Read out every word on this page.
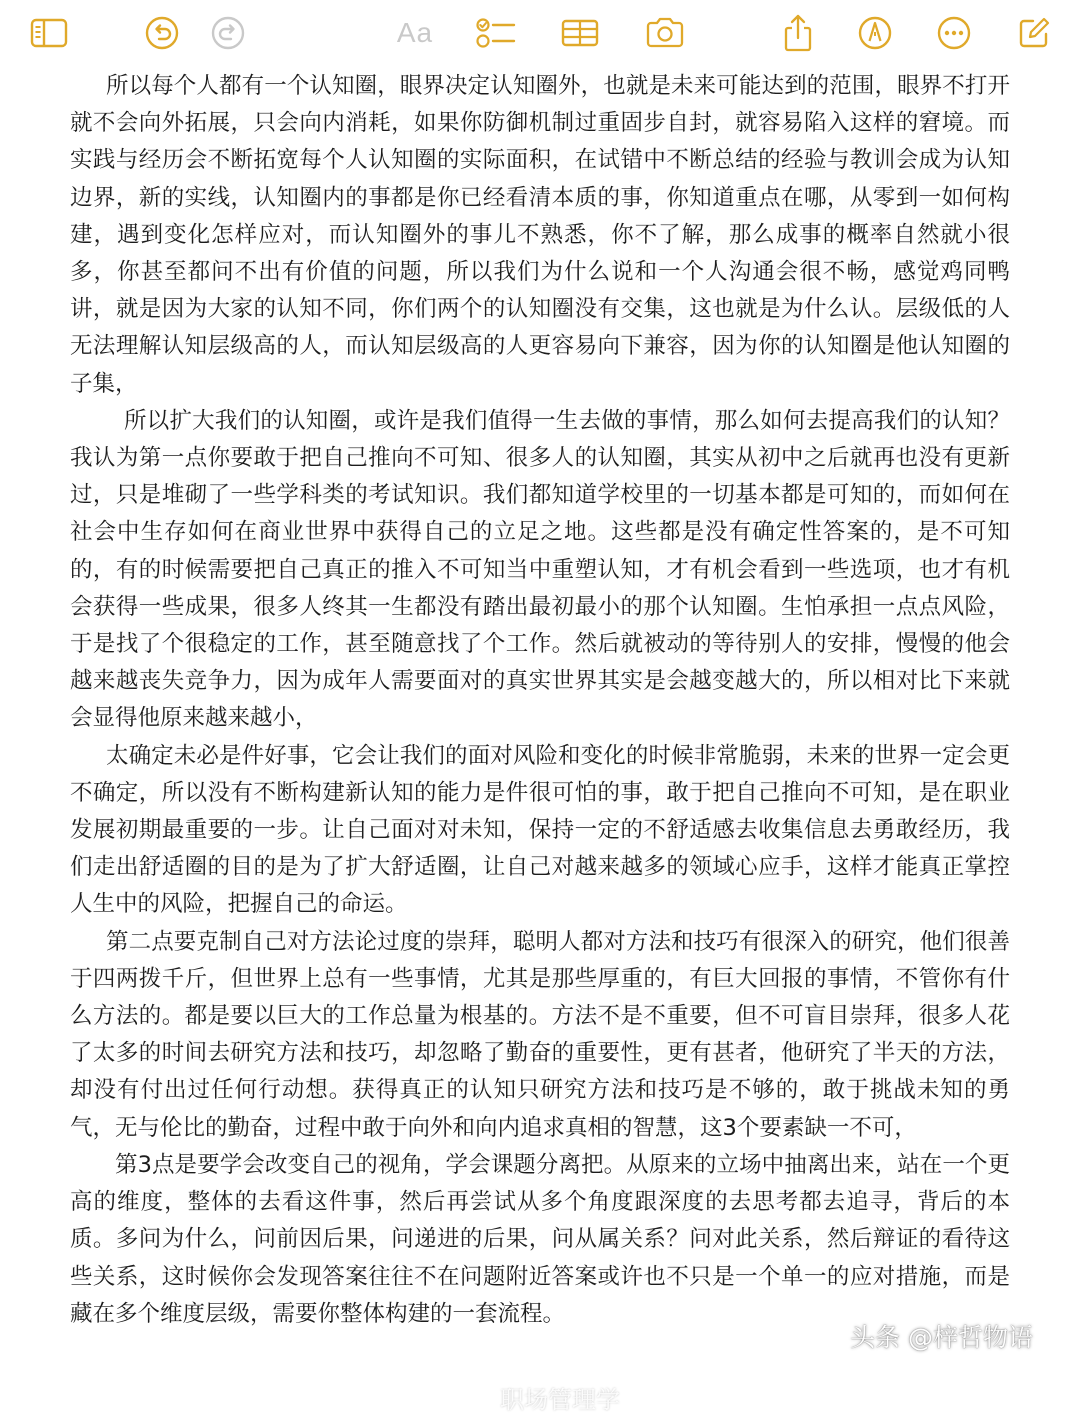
Aa

所以每个人都有一个认知圈，眼界决定认知圈外，也就是未来可能达到的范围，眼界不打开就不会向外拓展，只会向内消耗，如果你防御机制过重固步自封，就容易陷入这样的窘境。而实践与经历会不断拓宽每个人认知圈的实际面积，在试错中不断总结的经验与教训会成为认知边界，新的实线，认知圈内的事都是你已经看清本质的事，你知道重点在哪，从零到一如何构建，遇到变化怎样应对，而认知圈外的事儿不熟悉，你不了解，那么成事的概率自然就小很多，你甚至都问不出有价值的问题，所以我们为什么说和一个人沟通会很不畅，感觉鸡同鸭讲，就是因为大家的认知不同，你们两个的认知圈没有交集，这也就是为什么认。层级低的人无法理解认知层级高的人，而认知层级高的人更容易向下兼容，因为你的认知圈是他认知圈的子集，

所以扩大我们的认知圈，或许是我们值得一生去做的事情，那么如何去提高我们的认知？我认为第一点你要敢于把自己推向不可知、很多人的认知圈，其实从初中之后就再也没有更新过，只是堆砌了一些学科类的考试知识。我们都知道学校里的一切基本都是可知的，而如何在社会中生存如何在商业世界中获得自己的立足之地。这些都是没有确定性答案的，是不可知的，有的时候需要把自己真正的推入不可知当中重塑认知，才有机会看到一些选项，也才有机会获得一些成果，很多人终其一生都没有踏出最初最小的那个认知圈。生怕承担一点点风险，于是找了个很稳定的工作，甚至随意找了个工作。然后就被动的等待别人的安排，慢慢的他会越来越丧失竞争力，因为成年人需要面对的真实世界其实是会越变越大的，所以相对比下来就会显得他原来越来越小，

太确定未必是件好事，它会让我们的面对风险和变化的时候非常脆弱，未来的世界一定会更不确定，所以没有不断构建新认知的能力是件很可怕的事，敢于把自己推向不可知，是在职业发展初期最重要的一步。让自己面对对未知，保持一定的不舒适感去收集信息去勇敢经历，我们走出舒适圈的目的是为了扩大舒适圈，让自己对越来越多的领域心应手，这样才能真正掌控人生中的风险，把握自己的命运。

第二点要克制自己对方法论过度的崇拜，聪明人都对方法和技巧有很深入的研究，他们很善于四两拨千斤，但世界上总有一些事情，尤其是那些厚重的，有巨大回报的事情，不管你有什么方法的。都是要以巨大的工作总量为根基的。方法不是不重要，但不可盲目崇拜，很多人花了太多的时间去研究方法和技巧，却忽略了勤奋的重要性，更有甚者，他研究了半天的方法，却没有付出过任何行动想。获得真正的认知只研究方法和技巧是不够的，敢于挑战未知的勇气，无与伦比的勤奋，过程中敢于向外和向内追求真相的智慧，这3个要素缺一不可，

第3点是要学会改变自己的视角，学会课题分离把。从原来的立场中抽离出来，站在一个更高的维度，整体的去看这件事，然后再尝试从多个角度跟深度的去思考都去追寻，背后的本质。多问为什么，问前因后果，问递进的后果，问从属关系？问对此关系，然后辩证的看待这些关系，这时候你会发现答案往往不在问题附近答案或许也不只是一个单一的应对措施，而是藏在多个维度层级，需要你整体构建的一套流程。

职场管理学
头条 @梓哲物语
